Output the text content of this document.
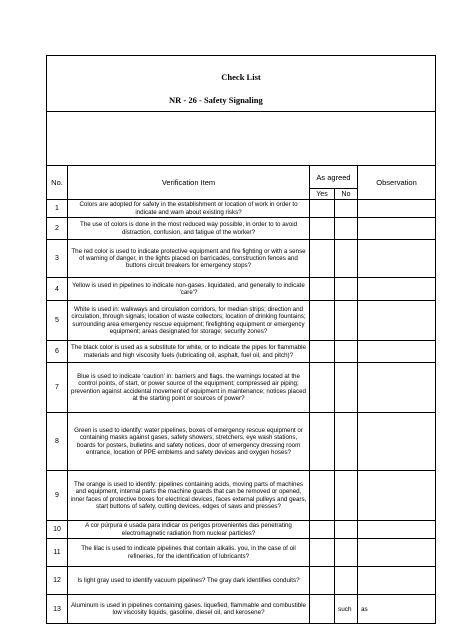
Check List
NR - 26 - Safety Signaling				

No.	Verification Item	As agreed		Observation
		Yes	No	
1	Colors are adopted for safety in the establishment or location of work in order to indicate and warn about existing risks?			
2	The use of colors is done in the most reduced way possible, in order to to avoid distraction, confusion, and fatigue of the worker?			
3	The red color is used to indicate protective equipment and fire fighting or with a sense of warning of danger, in the lights placed on barricades, construction fences and buttons circuit breakers for emergency stops?			
4	Yellow is used in pipelines to indicate non-gases. liquidated, and generally to indicate 'care'?			
5	White is used in: walkways and circulation corridors, for median strips; direction and circulation, through signals; location of waste collectors; location of drinking fountains; surrounding area emergency rescue equipment; firefighting equipment or emergency equipment; areas designated for storage; security zones?			
6	The black color is used as a substitute for white, or to indicate the pipes for flammable materials and high viscosity fuels (lubricating oil, asphalt, fuel oil, and pitch)?			
7	Blue is used to indicate 'caution' in: barriers and flags. the warnings located at the control points, of start, or power source of the equipment; compressed air piping; prevention against accidental movement of equipment in maintenance; notices placed at the starting point or sources of power?			
8	Green is used to identify: water pipelines, boxes of emergency rescue equipment or containing masks against gases, safety showers, stretchers, eye wash stations, boards for posters, bulletins and safety notices, door of emergency dressing room entrance, location of PPE emblems and safety devices and oxygen hoses?			
9	The orange is used to identify: pipelines containing acids, moving parts of machines and equipment, internal parts the machine guards that can be removed or opened, inner faces of protective boxes for electrical devices, faces external pulleys and gears, start buttons of safety, cutting devices, edges of saws and presses?			
10	A cor púrpura é usada para indicar os perigos provenientes das penetrating electromagnetic radiation from nuclear particles?			
11	The lilac is used to indicate pipelines that contain alkalis. you, in the case of oil refineries, for the identification of lubricants?			
12	Is light gray used to identify vacuum pipelines? The gray dark identifies conduits?			
13	Aluminum is used in pipelines containing gases. liquefied, flammable and combustible low viscosity liquids, gasoline, diesel oil, and kerosene?		such	as
